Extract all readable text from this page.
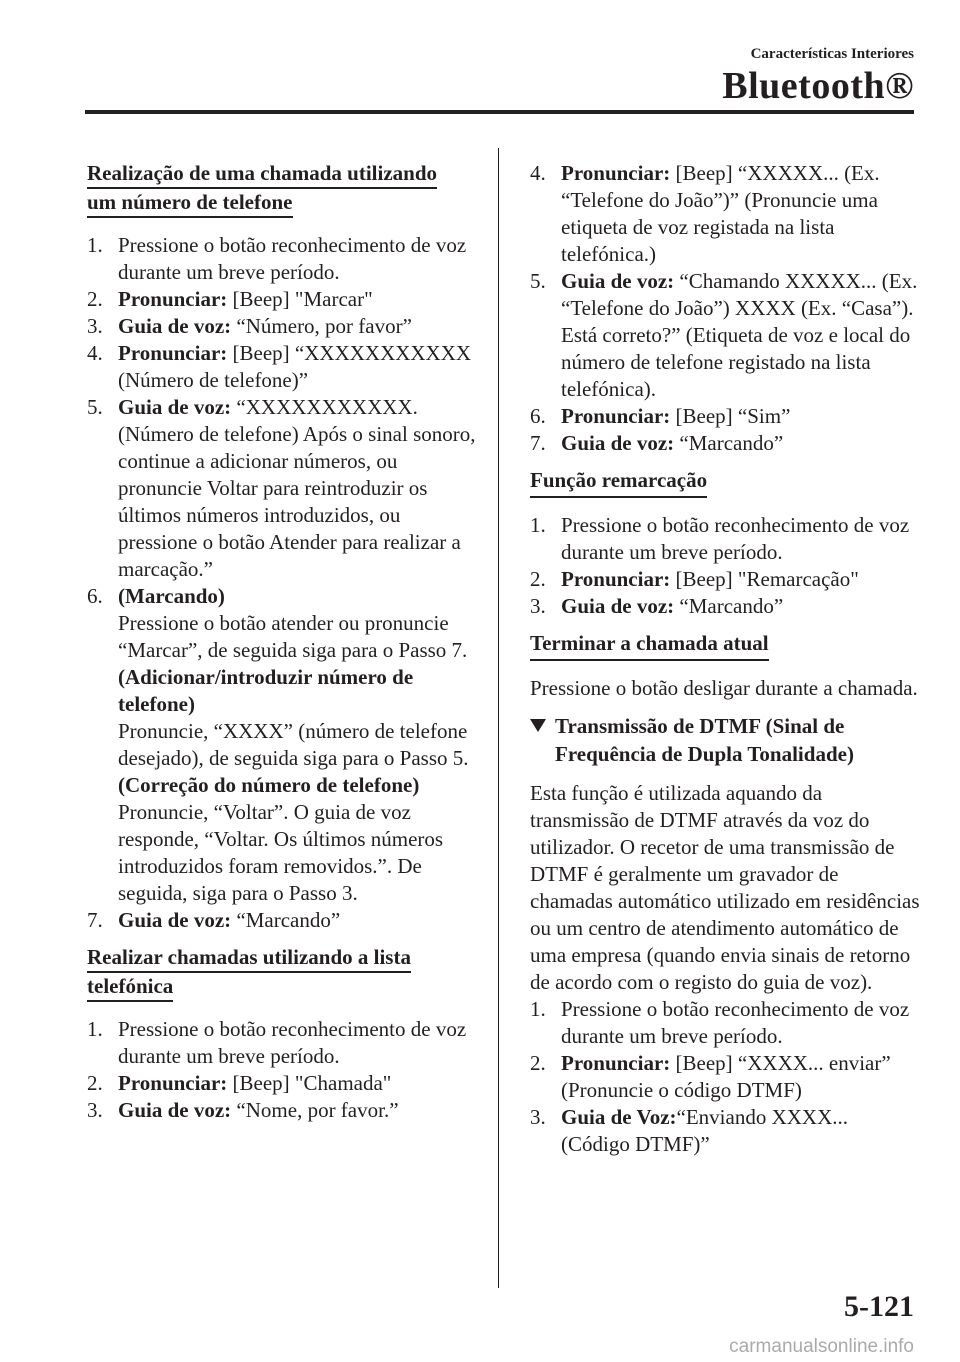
Características Interiores
Bluetooth®
Realização de uma chamada utilizando
um número de telefone
1. Pressione o botão reconhecimento de voz durante um breve período.
2. Pronunciar: [Beep] "Marcar"
3. Guia de voz: “Número, por favor”
4. Pronunciar: [Beep] “XXXXXXXXXXX (Número de telefone)”
5. Guia de voz: “XXXXXXXXXXX. (Número de telefone) Após o sinal sonoro, continue a adicionar números, ou pronuncie Voltar para reintroduzir os últimos números introduzidos, ou pressione o botão Atender para realizar a marcação.”
6. (Marcando)
Pressione o botão atender ou pronuncie “Marcar”, de seguida siga para o Passo 7.
(Adicionar/introduzir número de telefone)
Pronuncie, “XXXX” (número de telefone desejado), de seguida siga para o Passo 5.
(Correção do número de telefone)
Pronuncie, “Voltar”. O guia de voz responde, “Voltar. Os últimos números introduzidos foram removidos.”. De seguida, siga para o Passo 3.
7. Guia de voz: “Marcando”
Realizar chamadas utilizando a lista
telefónica
1. Pressione o botão reconhecimento de voz durante um breve período.
2. Pronunciar: [Beep] "Chamada"
3. Guia de voz: “Nome, por favor.”
4. Pronunciar: [Beep] “XXXXX... (Ex. “Telefone do João”)” (Pronuncie uma etiqueta de voz registada na lista telefónica.)
5. Guia de voz: “Chamando XXXXX... (Ex. “Telefone do João”) XXXX (Ex. “Casa”). Está correto?” (Etiqueta de voz e local do número de telefone registado na lista telefónica).
6. Pronunciar: [Beep] “Sim”
7. Guia de voz: “Marcando”
Função remarcação
1. Pressione o botão reconhecimento de voz durante um breve período.
2. Pronunciar: [Beep] "Remarcação"
3. Guia de voz: “Marcando”
Terminar a chamada atual

Pressione o botão desligar durante a chamada.

Transmissão de DTMF (Sinal de Frequência de Dupla Tonalidade)

Esta função é utilizada aquando da transmissão de DTMF através da voz do utilizador. O recetor de uma transmissão de DTMF é geralmente um gravador de chamadas automático utilizado em residências ou um centro de atendimento automático de uma empresa (quando envia sinais de retorno de acordo com o registo do guia de voz).

1. Pressione o botão reconhecimento de voz durante um breve período.
2. Pronunciar: [Beep] “XXXX... enviar” (Pronuncie o código DTMF)
3. Guia de Voz:“Enviando XXXX... (Código DTMF)”
5-121
carmanualsonline.info
